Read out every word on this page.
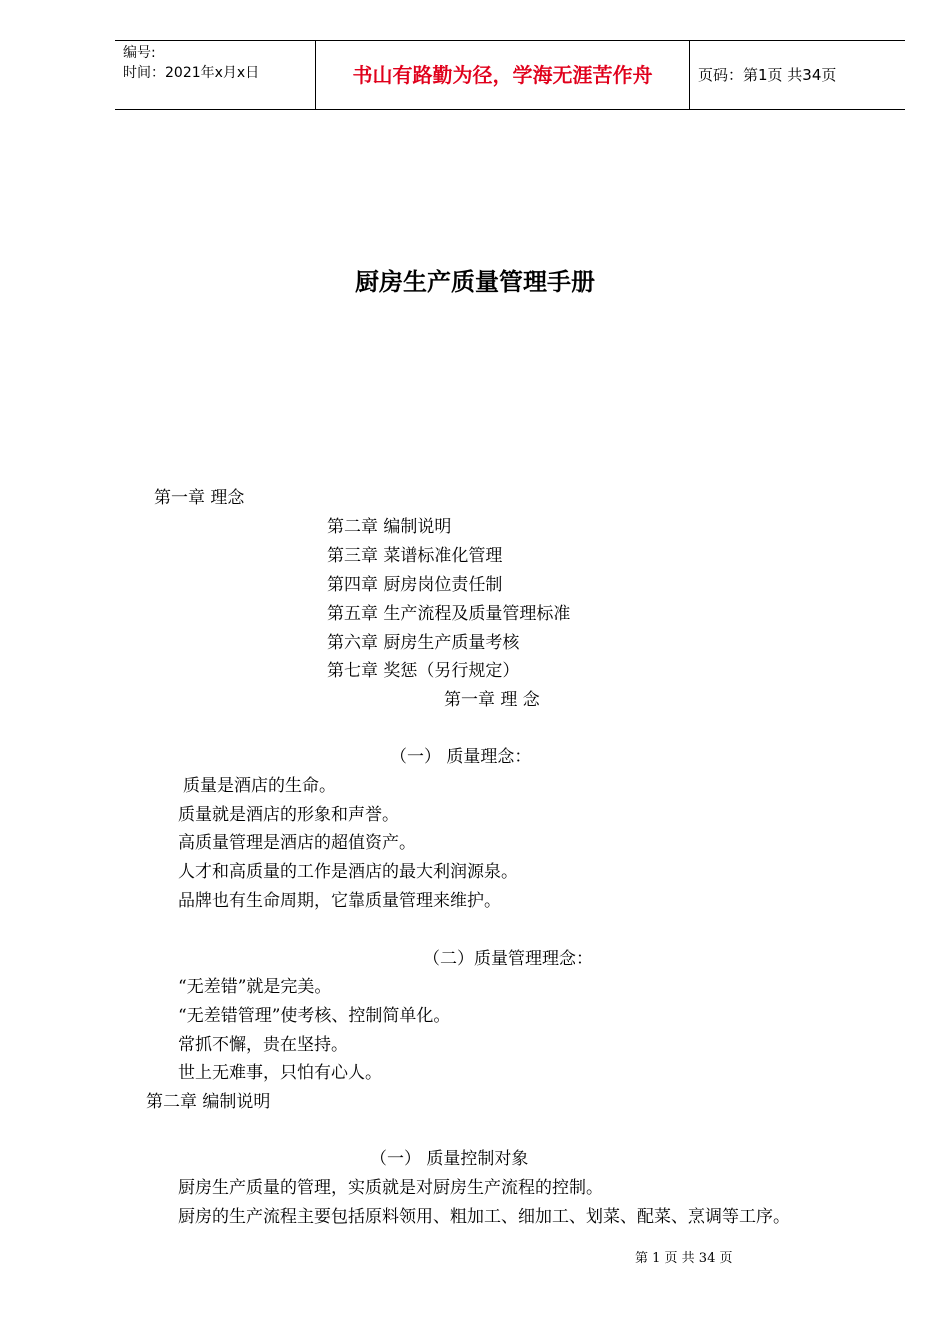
编号:
时间：2021年x月x日	书山有路勤为径，学海无涯苦作舟	页码：第1页 共34页
厨房生产质量管理手册
第一章 理念
第二章 编制说明
第三章 菜谱标准化管理
第四章 厨房岗位责任制
第五章 生产流程及质量管理标准
第六章 厨房生产质量考核
第七章 奖惩（另行规定）
第一章 理 念
（一） 质量理念：
质量是酒店的生命。
质量就是酒店的形象和声誉。
高质量管理是酒店的超值资产。
人才和高质量的工作是酒店的最大利润源泉。
品牌也有生命周期，它靠质量管理来维护。
（二）质量管理理念：
“无差错”就是完美。
“无差错管理”使考核、控制简单化。
常抓不懈，贵在坚持。
世上无难事，只怕有心人。
第二章 编制说明
（一） 质量控制对象
厨房生产质量的管理，实质就是对厨房生产流程的控制。
厨房的生产流程主要包括原料领用、粗加工、细加工、划菜、配菜、烹调等工序。
第 1 页 共 34 页
